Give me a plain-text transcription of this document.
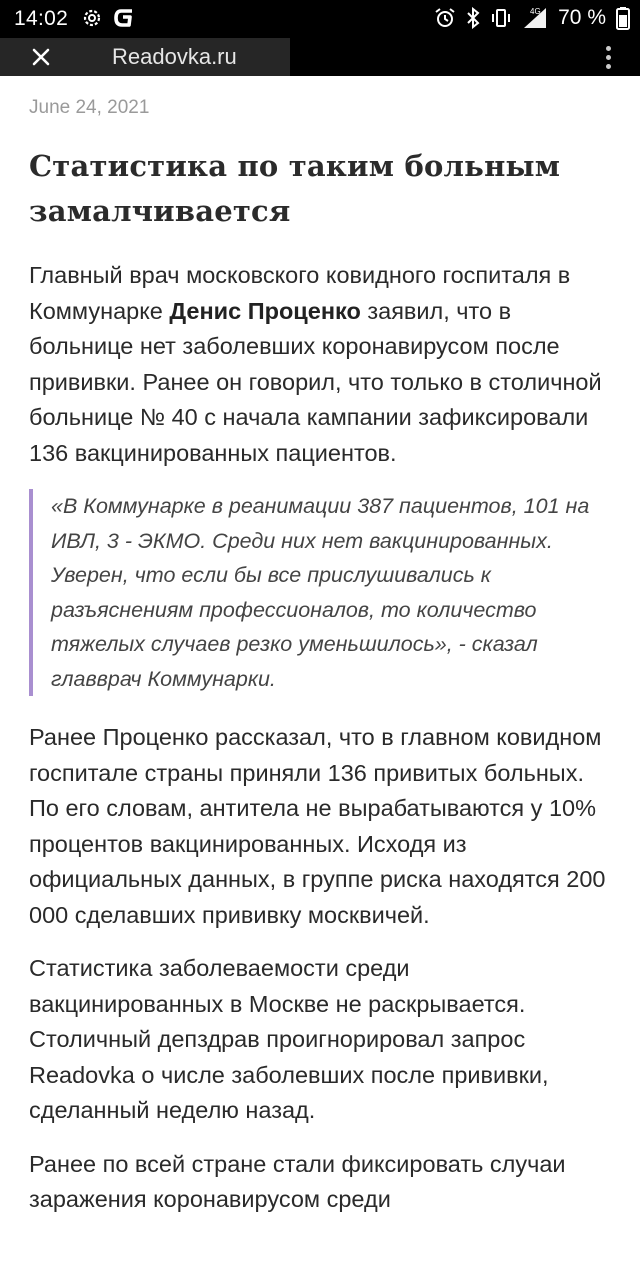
14:02	4G 70 %
Readovka.ru
June 24, 2021
Статистика по таким больным замалчивается

Главный врач московского ковидного госпиталя в Коммунарке Денис Проценко заявил, что в больнице нет заболевших коронавирусом после прививки. Ранее он говорил, что только в столичной больнице № 40 с начала кампании зафиксировали 136 вакцинированных пациентов.

«В Коммунарке в реанимации 387 пациентов, 101 на ИВЛ, 3 - ЭКМО. Среди них нет вакцинированных. Уверен, что если бы все прислушивались к разъяснениям профессионалов, то количество тяжелых случаев резко уменьшилось», - сказал главврач Коммунарки.

Ранее Проценко рассказал, что в главном ковидном госпитале страны приняли 136 привитых больных. По его словам, антитела не вырабатываются у 10% процентов вакцинированных. Исходя из официальных данных, в группе риска находятся 200 000 сделавших прививку москвичей.

Статистика заболеваемости среди вакцинированных в Москве не раскрывается. Столичный депздрав проигнорировал запрос Readovka о числе заболевших после прививки, сделанный неделю назад.

Ранее по всей стране стали фиксировать случаи заражения коронавирусом среди
